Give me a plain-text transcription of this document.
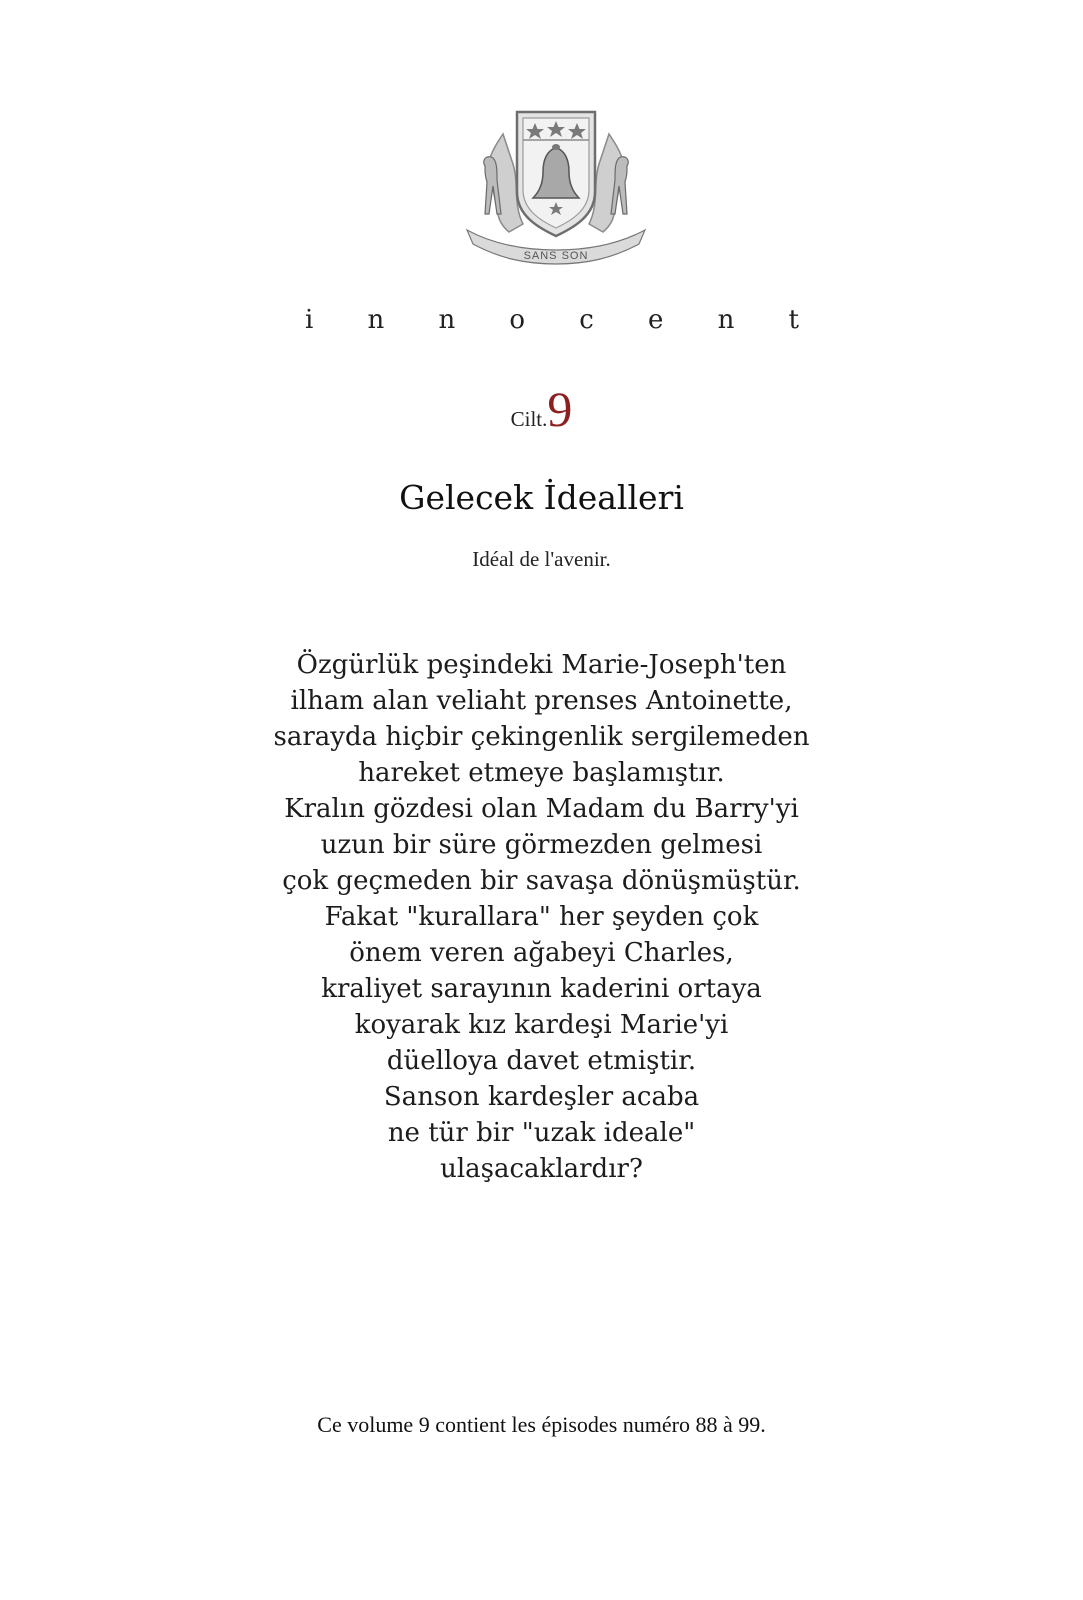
SANS SON
i n n o c e n t
Cilt.9
Gelecek İdealleri
Idéal de l'avenir.
Özgürlük peşindeki Marie-Joseph'ten
ilham alan veliaht prenses Antoinette,
sarayda hiçbir çekingenlik sergilemeden
hareket etmeye başlamıştır.
Kralın gözdesi olan Madam du Barry'yi
uzun bir süre görmezden gelmesi
çok geçmeden bir savaşa dönüşmüştür.
Fakat "kurallara" her şeyden çok
önem veren ağabeyi Charles,
kraliyet sarayının kaderini ortaya
koyarak kız kardeşi Marie'yi
düelloya davet etmiştir.
Sanson kardeşler acaba
ne tür bir "uzak ideale"
ulaşacaklardır?
Ce volume 9 contient les épisodes numéro 88 à 99.
